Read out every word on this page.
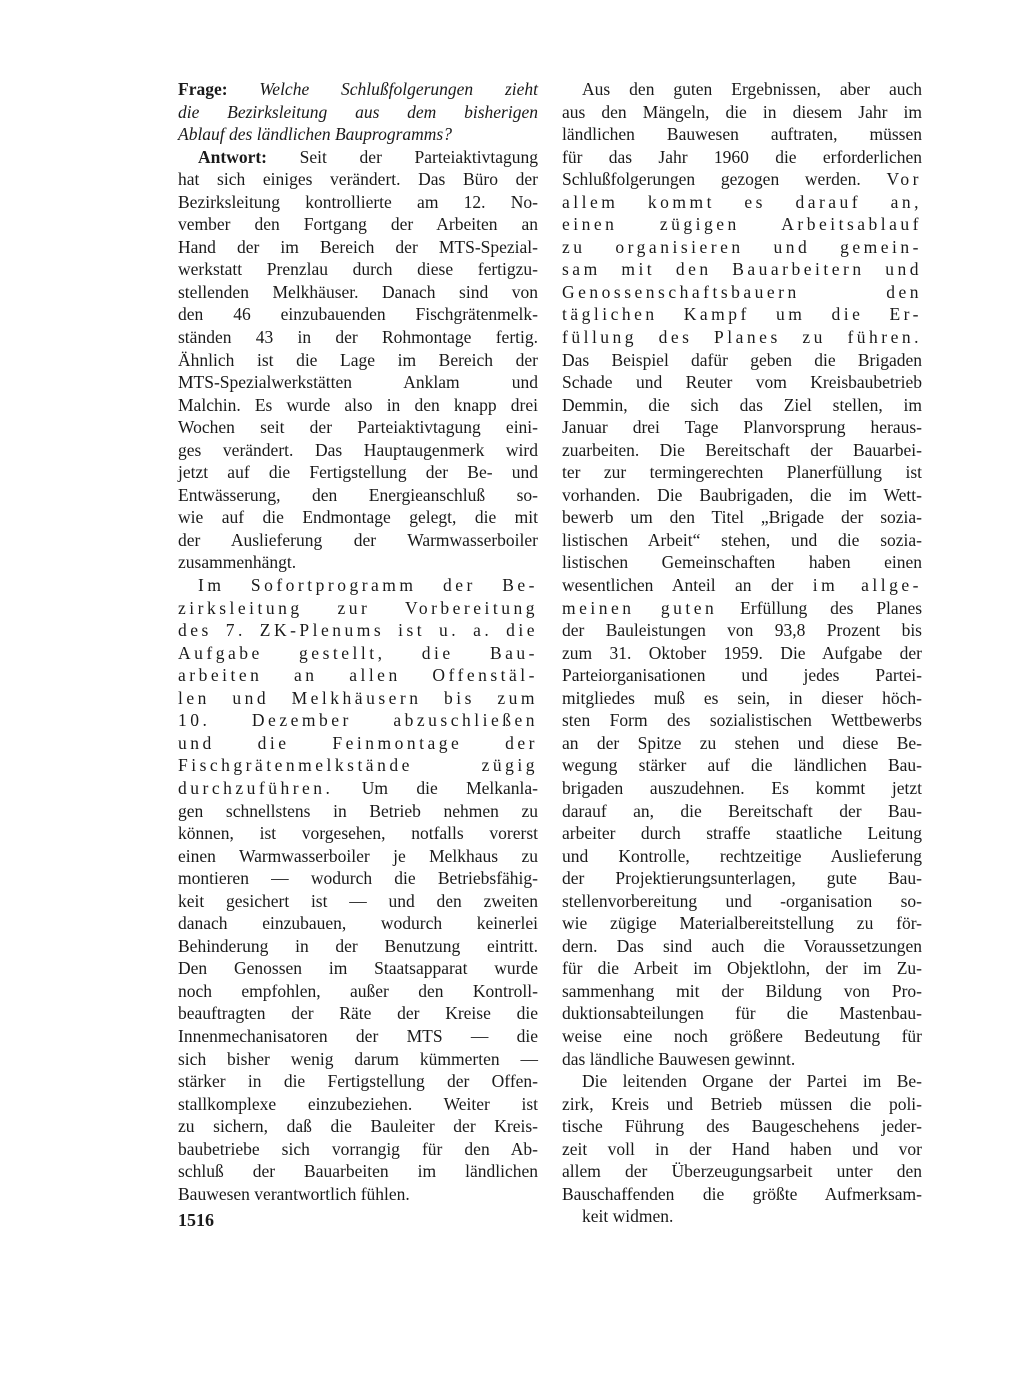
Frage: Welche Schlußfolgerungen zieht
die Bezirksleitung aus dem bisherigen
Ablauf des ländlichen Bauprogramms?
Antwort: Seit der Parteiaktivtagung
hat sich einiges verändert. Das Büro der
Bezirksleitung kontrollierte am 12. No-
vember den Fortgang der Arbeiten an
Hand der im Bereich der MTS-Spezial-
werkstatt Prenzlau durch diese fertigzu-
stellenden Melkhäuser. Danach sind von
den 46 einzubauenden Fischgrätenmelk-
ständen 43 in der Rohmontage fertig.
Ähnlich ist die Lage im Bereich der
MTS-Spezialwerkstätten Anklam und
Malchin. Es wurde also in den knapp drei
Wochen seit der Parteiaktivtagung eini-
ges verändert. Das Hauptaugenmerk wird
jetzt auf die Fertigstellung der Be- und
Entwässerung, den Energieanschluß so-
wie auf die Endmontage gelegt, die mit
der Auslieferung der Warmwasserboiler
zusammenhängt.
Im Sofortprogramm der Be-
zirksleitung zur Vorbereitung
des 7. ZK-Plenums ist u. a. die
Aufgabe gestellt, die Bau-
arbeiten an allen Offenstäl-
len und Melkhäusern bis zum
10. Dezember abzuschließen
und die Feinmontage der
Fischgrätenmelkstände zügig
durchzuführen. Um die Melkanla-
gen schnellstens in Betrieb nehmen zu
können, ist vorgesehen, notfalls vorerst
einen Warmwasserboiler je Melkhaus zu
montieren — wodurch die Betriebsfähig-
keit gesichert ist — und den zweiten
danach einzubauen, wodurch keinerlei
Behinderung in der Benutzung eintritt.
Den Genossen im Staatsapparat wurde
noch empfohlen, außer den Kontroll-
beauftragten der Räte der Kreise die
Innenmechanisatoren der MTS — die
sich bisher wenig darum kümmerten —
stärker in die Fertigstellung der Offen-
stallkomplexe einzubeziehen. Weiter ist
zu sichern, daß die Bauleiter der Kreis-
baubetriebe sich vorrangig für den Ab-
schluß der Bauarbeiten im ländlichen
Bauwesen verantwortlich fühlen.
Aus den guten Ergebnissen, aber auch
aus den Mängeln, die in diesem Jahr im
ländlichen Bauwesen auftraten, müssen
für das Jahr 1960 die erforderlichen
Schlußfolgerungen gezogen werden. Vor
allem kommt es darauf an,
einen zügigen Arbeitsablauf
zu organisieren und gemein-
sam mit den Bauarbeitern und
Genossenschaftsbauern den
täglichen Kampf um die Er-
füllung des Planes zu führen.
Das Beispiel dafür geben die Brigaden
Schade und Reuter vom Kreisbaubetrieb
Demmin, die sich das Ziel stellen, im
Januar drei Tage Planvorsprung heraus-
zuarbeiten. Die Bereitschaft der Bauarbei-
ter zur termingerechten Planerfüllung ist
vorhanden. Die Baubrigaden, die im Wett-
bewerb um den Titel „Brigade der sozia-
listischen Arbeit“ stehen, und die sozia-
listischen Gemeinschaften haben einen
wesentlichen Anteil an der im allge-
meinen guten Erfüllung des Planes
der Bauleistungen von 93,8 Prozent bis
zum 31. Oktober 1959. Die Aufgabe der
Parteiorganisationen und jedes Partei-
mitgliedes muß es sein, in dieser höch-
sten Form des sozialistischen Wettbewerbs
an der Spitze zu stehen und diese Be-
wegung stärker auf die ländlichen Bau-
brigaden auszudehnen. Es kommt jetzt
darauf an, die Bereitschaft der Bau-
arbeiter durch straffe staatliche Leitung
und Kontrolle, rechtzeitige Auslieferung
der Projektierungsunterlagen, gute Bau-
stellenvorbereitung und -organisation so-
wie zügige Materialbereitstellung zu för-
dern. Das sind auch die Voraussetzungen
für die Arbeit im Objektlohn, der im Zu-
sammenhang mit der Bildung von Pro-
duktionsabteilungen für die Mastenbau-
weise eine noch größere Bedeutung für
das ländliche Bauwesen gewinnt.
Die leitenden Organe der Partei im Be-
zirk, Kreis und Betrieb müssen die poli-
tische Führung des Baugeschehens jeder-
zeit voll in der Hand haben und vor
allem der Überzeugungsarbeit unter den
Bauschaffenden die größte Aufmerksam-
keit widmen.
1516
